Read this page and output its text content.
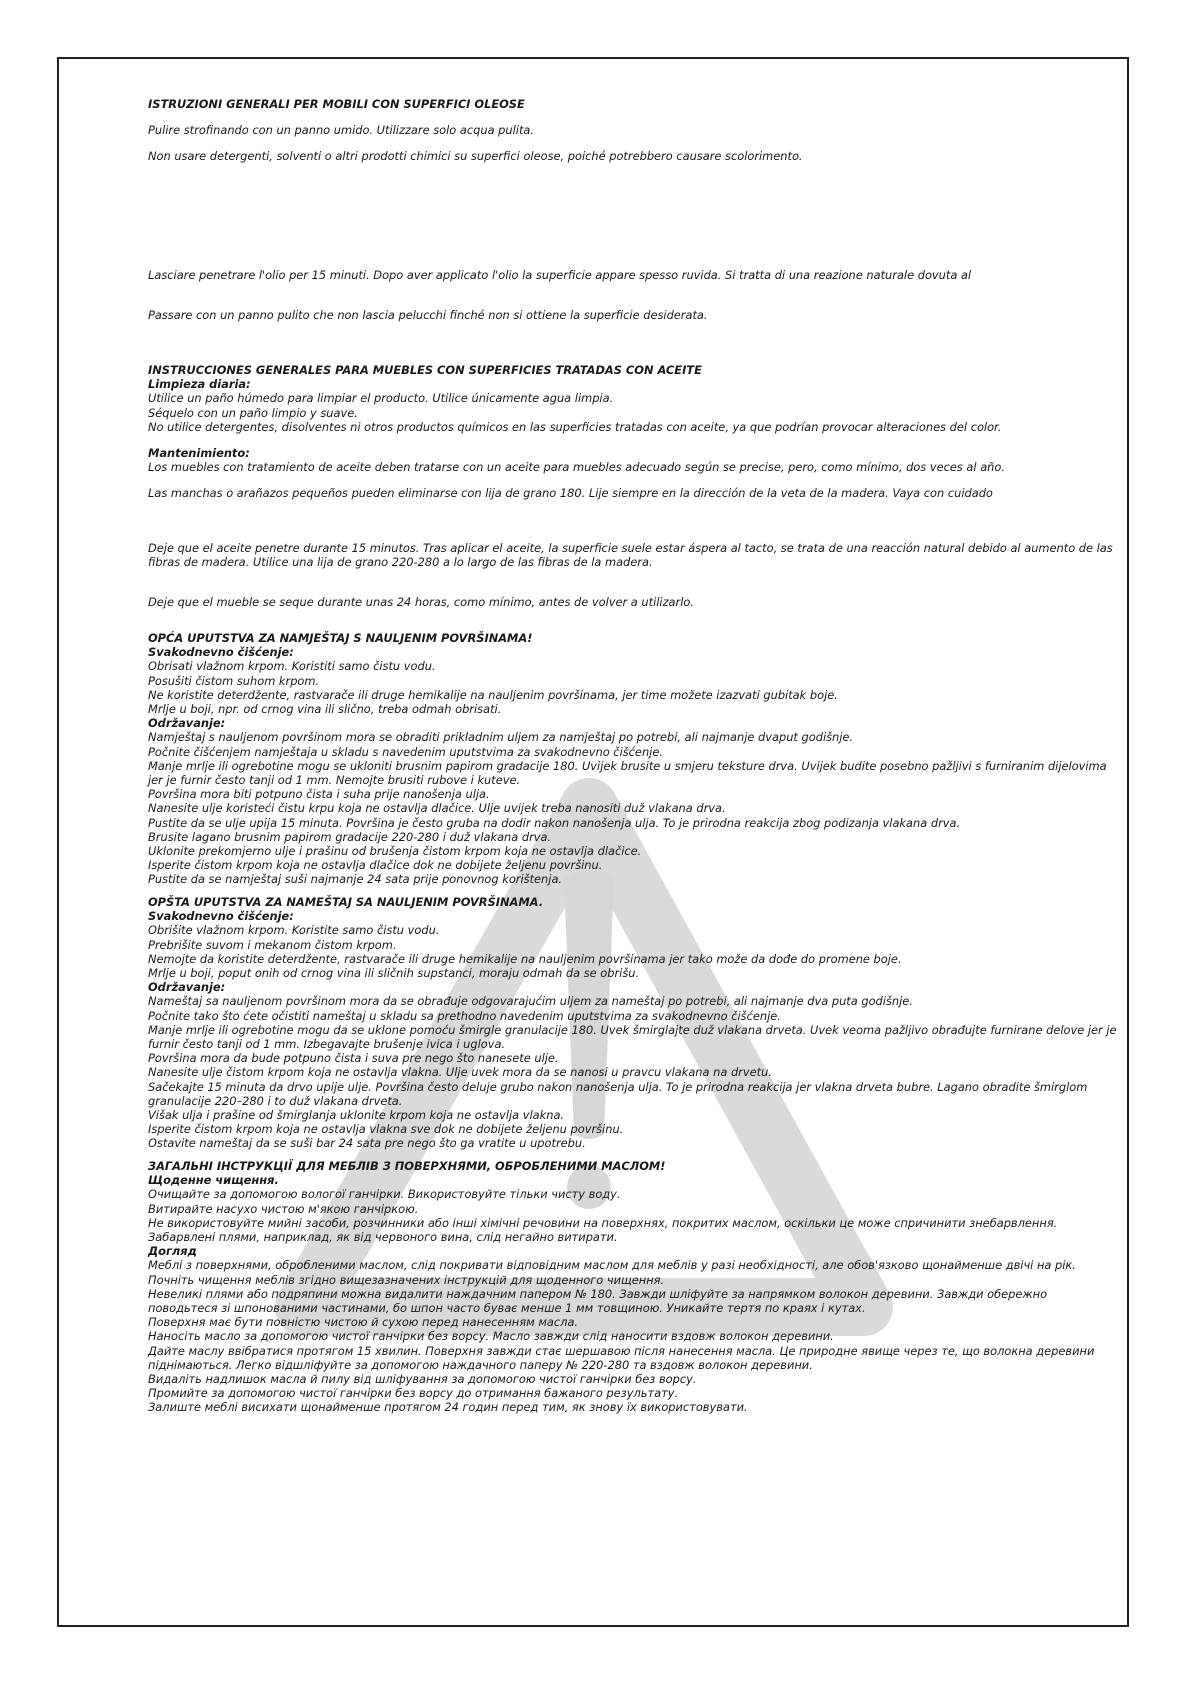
ISTRUZIONI GENERALI PER MOBILI CON SUPERFICI OLEOSE

Pulire strofinando con un panno umido. Utilizzare solo acqua pulita.

Non usare detergenti, solventi o altri prodotti chimici su superfici oleose, poiché potrebbero causare scolorimento.

Lasciare penetrare l'olio per 15 minuti. Dopo aver applicato l'olio la superficie appare spesso ruvida. Si tratta di una reazione naturale dovuta al

Passare con un panno pulito che non lascia pelucchi finché non si ottiene la superficie desiderata.

INSTRUCCIONES GENERALES PARA MUEBLES CON SUPERFICIES TRATADAS CON ACEITE

Limpieza diaria:

Utilice un paño húmedo para limpiar el producto. Utilice únicamente agua limpia.

Séquelo con un paño limpio y suave.

No utilice detergentes, disolventes ni otros productos químicos en las superficies tratadas con aceite, ya que podrían provocar alteraciones del color.

Mantenimiento:

Los muebles con tratamiento de aceite deben tratarse con un aceite para muebles adecuado según se precise, pero, como mínimo, dos veces al año.

Las manchas o arañazos pequeños pueden eliminarse con lija de grano 180. Lije siempre en la dirección de la veta de la madera. Vaya con cuidado

Deje que el aceite penetre durante 15 minutos. Tras aplicar el aceite, la superficie suele estar áspera al tacto, se trata de una reacción natural debido al aumento de las fibras de madera. Utilice una lija de grano 220-280 a lo largo de las fibras de la madera.

Deje que el mueble se seque durante unas 24 horas, como mínimo, antes de volver a utilizarlo.

OPĆA UPUTSTVA ZA NAMJEŠTAJ S NAULJENIM POVRŠINAMA!

Svakodnevno čišćenje:

Obrisati vlažnom krpom. Koristiti samo čistu vodu.

Posušiti čistom suhom krpom.

Ne koristite deterdžente, rastvarače ili druge hemikalije na nauljenim površinama, jer time možete izazvati gubitak boje.

Mrlje u boji, npr. od crnog vina ili slično, treba odmah obrisati.

Održavanje:

Namještaj s nauljenom površinom mora se obraditi prikladnim uljem za namještaj po potrebi, ali najmanje dvaput godišnje.

Počnite čišćenjem namještaja u skladu s navedenim uputstvima za svakodnevno čišćenje.

Manje mrlje ili ogrebotine mogu se ukloniti brusnim papirom gradacije 180. Uvijek brusite u smjeru teksture drva. Uvijek budite posebno pažljivi s furniranim dijelovima jer je furnir često tanji od 1 mm. Nemojte brusiti rubove i kuteve.

Površina mora biti potpuno čista i suha prije nanošenja ulja.

Nanesite ulje koristeći čistu krpu koja ne ostavlja dlačice. Ulje uvijek treba nanositi duž vlakana drva.

Pustite da se ulje upija 15 minuta. Površina je često gruba na dodir nakon nanošenja ulja. To je prirodna reakcija zbog podizanja vlakana drva.

Brusite lagano brusnim papirom gradacije 220-280 i duž vlakana drva.

Uklonite prekomjerno ulje i prašinu od brušenja čistom krpom koja ne ostavlja dlačice.

Isperite čistom krpom koja ne ostavlja dlačice dok ne dobijete željenu površinu.

Pustite da se namještaj suši najmanje 24 sata prije ponovnog korištenja.

OPŠTA UPUTSTVA ZA NAMEŠTAJ SA NAULJENIM POVRŠINAMA.

Svakodnevno čišćenje:

Obrišite vlažnom krpom. Koristite samo čistu vodu.

Prebrišite suvom i mekanom čistom krpom.

Nemojte da koristite deterdžente, rastvarače ili druge hemikalije na nauljenim površinama jer tako može da dođe do promene boje.

Mrlje u boji, poput onih od crnog vina ili sličnih supstanci, moraju odmah da se obrišu.

Održavanje:

Nameštaj sa nauljenom površinom mora da se obrađuje odgovarajućim uljem za nameštaj po potrebi, ali najmanje dva puta godišnje.

Počnite tako što ćete očistiti nameštaj u skladu sa prethodno navedenim uputstvima za svakodnevno čišćenje.

Manje mrlje ili ogrebotine mogu da se uklone pomoću šmirgle granulacije 180. Uvek šmirglajte duž vlakana drveta. Uvek veoma pažljivo obrađujte furnirane delove jer je furnir često tanji od 1 mm. Izbegavajte brušenje ivica i uglova.

Površina mora da bude potpuno čista i suva pre nego što nanesete ulje.

Nanesite ulje čistom krpom koja ne ostavlja vlakna. Ulje uvek mora da se nanosi u pravcu vlakana na drvetu.

Sačekajte 15 minuta da drvo upije ulje. Površina često deluje grubo nakon nanošenja ulja. To je prirodna reakcija jer vlakna drveta bubre. Lagano obradite šmirglom granulacije 220–280 i to duž vlakana drveta.

Višak ulja i prašine od šmirglanja uklonite krpom koja ne ostavlja vlakna.

Isperite čistom krpom koja ne ostavlja vlakna sve dok ne dobijete željenu površinu.

Ostavite nameštaj da se suši bar 24 sata pre nego što ga vratite u upotrebu.

ЗАГАЛЬНІ ІНСТРУКЦІЇ ДЛЯ МЕБЛІВ З ПОВЕРХНЯМИ, ОБРОБЛЕНИМИ МАСЛОМ!

Щоденне чищення.

Очищайте за допомогою вологої ганчірки. Використовуйте тільки чисту воду.

Витирайте насухо чистою м'якою ганчіркою.

Не використовуйте мийні засоби, розчинники або інші хімічні речовини на поверхнях, покритих маслом, оскільки це може спричинити знебарвлення.

Забарвлені плями, наприклад, як від червоного вина, слід негайно витирати.

Догляд

Меблі з поверхнями, обробленими маслом, слід покривати відповідним маслом для меблів у разі необхідності, але обов'язково щонайменше двічі на рік.

Почніть чищення меблів згідно вищезазначених інструкцій для щоденного чищення.

Невеликі плями або подряпини можна видалити наждачним папером № 180. Завжди шліфуйте за напрямком волокон деревини. Завжди обережно поводьтеся зі шпонованими частинами, бо шпон часто буває менше 1 мм товщиною. Уникайте тертя по краях і кутах.

Поверхня має бути повністю чистою й сухою перед нанесенням масла.

Наносіть масло за допомогою чистої ганчірки без ворсу. Масло завжди слід наносити вздовж волокон деревини.

Дайте маслу ввібратися протягом 15 хвилин. Поверхня завжди стає шершавою після нанесення масла. Це природне явище через те, що волокна деревини піднімаються. Легко відшліфуйте за допомогою наждачного паперу № 220-280 та вздовж волокон деревини.

Видаліть надлишок масла й пилу від шліфування за допомогою чистої ганчірки без ворсу.

Промийте за допомогою чистої ганчірки без ворсу до отримання бажаного результату.

Залиште меблі висихати щонайменше протягом 24 годин перед тим, як знову їх використовувати.
